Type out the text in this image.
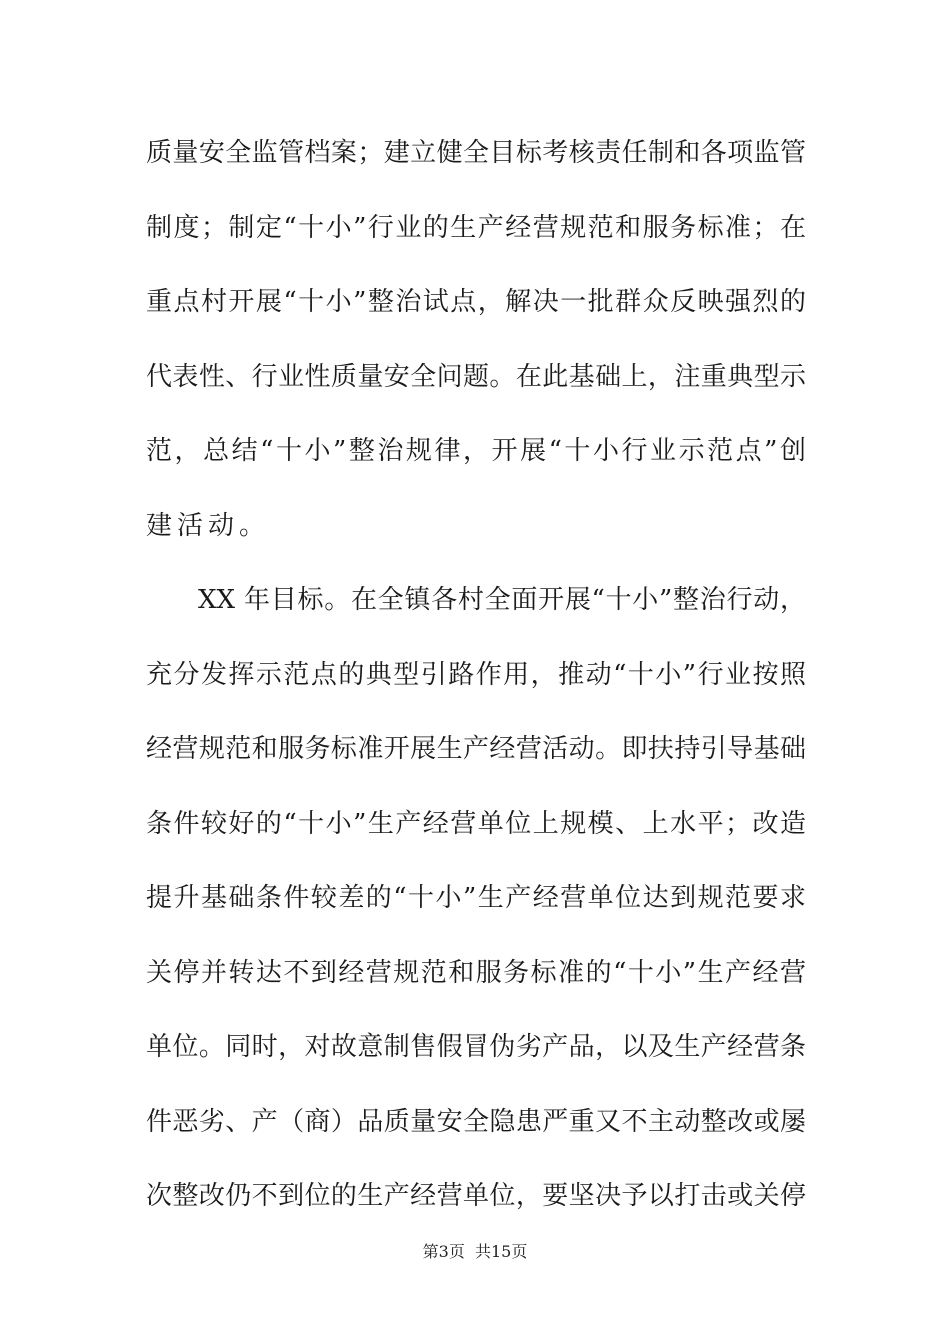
质量安全监管档案；建立健全目标考核责任制和各项监管
制度；制定“十小”行业的生产经营规范和服务标准；在
重点村开展“十小”整治试点，解决一批群众反映强烈的
代表性、行业性质量安全问题。在此基础上，注重典型示
范，总结“十小”整治规律，开展“十小行业示范点”创
建活动。
XX 年目标。在全镇各村全面开展“十小”整治行动，
充分发挥示范点的典型引路作用，推动“十小”行业按照
经营规范和服务标准开展生产经营活动。即扶持引导基础
条件较好的“十小”生产经营单位上规模、上水平；改造
提升基础条件较差的“十小”生产经营单位达到规范要求
关停并转达不到经营规范和服务标准的“十小”生产经营
单位。同时，对故意制售假冒伪劣产品，以及生产经营条
件恶劣、产（商）品质量安全隐患严重又不主动整改或屡
次整改仍不到位的生产经营单位，要坚决予以打击或关停
第3页  共15页
